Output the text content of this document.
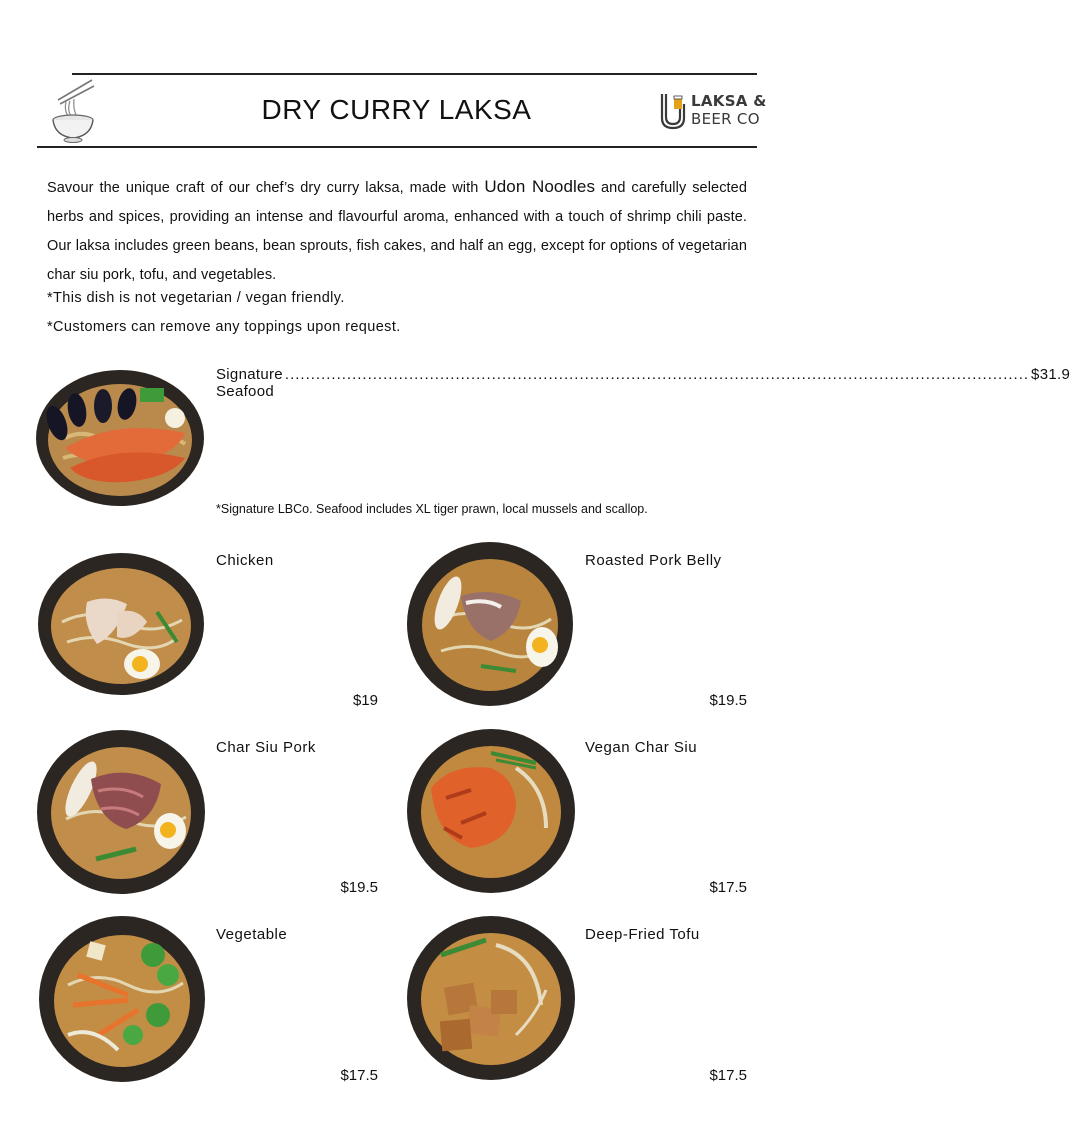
DRY CURRY LAKSA	LAKSA &
BEER CO
Savour the unique craft of our chef’s dry curry laksa, made with Udon Noodles and carefully selected herbs and spices, providing an intense and flavourful aroma, enhanced with a touch of shrimp chili paste. Our laksa includes green beans, bean sprouts, fish cakes, and half an egg, except for options of vegetarian char siu pork, tofu, and vegetables.
*This dish is not vegetarian / vegan friendly.
*Customers can remove any toppings upon request.
Signature Seafood
................................................................................................................................................ $31.9
*Signature LBCo. Seafood includes XL tiger prawn, local mussels and scallop.
Chicken
$19
Roasted Pork Belly
$19.5
Char Siu Pork
$19.5
Vegan Char Siu
$17.5
Vegetable
$17.5
Deep-Fried Tofu
$17.5
